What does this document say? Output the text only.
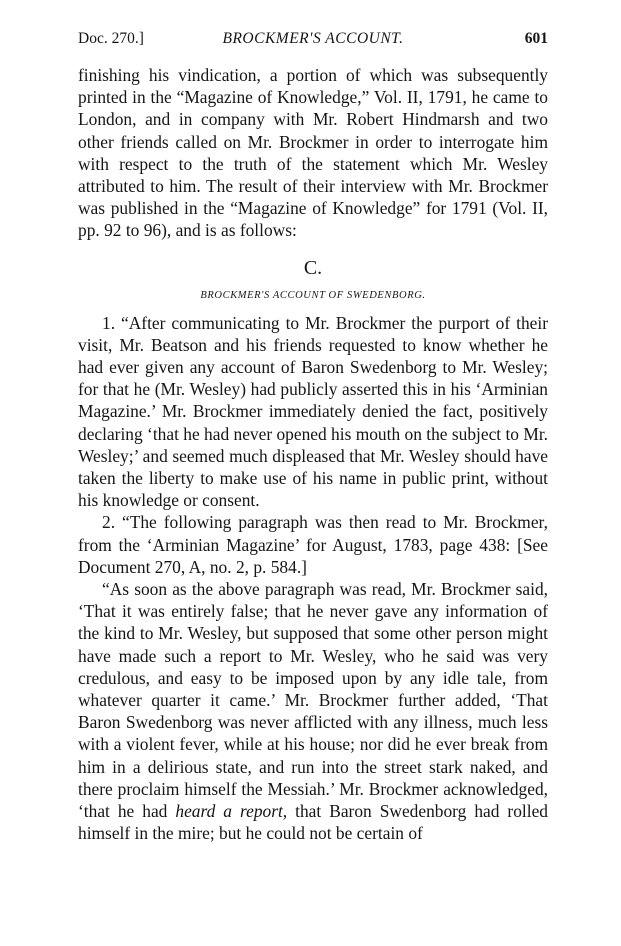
Doc. 270.]	BROCKMER'S ACCOUNT.	601

finishing his vindication, a portion of which was subsequently printed in the “Magazine of Knowledge,” Vol. II, 1791, he came to London, and in company with Mr. Robert Hindmarsh and two other friends called on Mr. Brockmer in order to interrogate him with respect to the truth of the statement which Mr. Wesley attributed to him. The result of their interview with Mr. Brockmer was published in the “Magazine of Knowledge” for 1791 (Vol. II, pp. 92 to 96), and is as follows:

C.

BROCKMER'S ACCOUNT OF SWEDENBORG.

1. “After communicating to Mr. Brockmer the purport of their visit, Mr. Beatson and his friends requested to know whether he had ever given any account of Baron Swedenborg to Mr. Wesley; for that he (Mr. Wesley) had publicly asserted this in his ‘Arminian Magazine.’ Mr. Brockmer immediately denied the fact, positively declaring ‘that he had never opened his mouth on the subject to Mr. Wesley;’ and seemed much displeased that Mr. Wesley should have taken the liberty to make use of his name in public print, without his knowledge or consent.

2. “The following paragraph was then read to Mr. Brockmer, from the ‘Arminian Magazine’ for August, 1783, page 438: [See Document 270, A, no. 2, p. 584.]

“As soon as the above paragraph was read, Mr. Brockmer said, ‘That it was entirely false; that he never gave any information of the kind to Mr. Wesley, but supposed that some other person might have made such a report to Mr. Wesley, who he said was very credulous, and easy to be imposed upon by any idle tale, from whatever quarter it came.’ Mr. Brockmer further added, ‘That Baron Swedenborg was never afflicted with any illness, much less with a violent fever, while at his house; nor did he ever break from him in a delirious state, and run into the street stark naked, and there proclaim himself the Messiah.’ Mr. Brockmer acknowledged, ‘that he had heard a report, that Baron Swedenborg had rolled himself in the mire; but he could not be certain of
